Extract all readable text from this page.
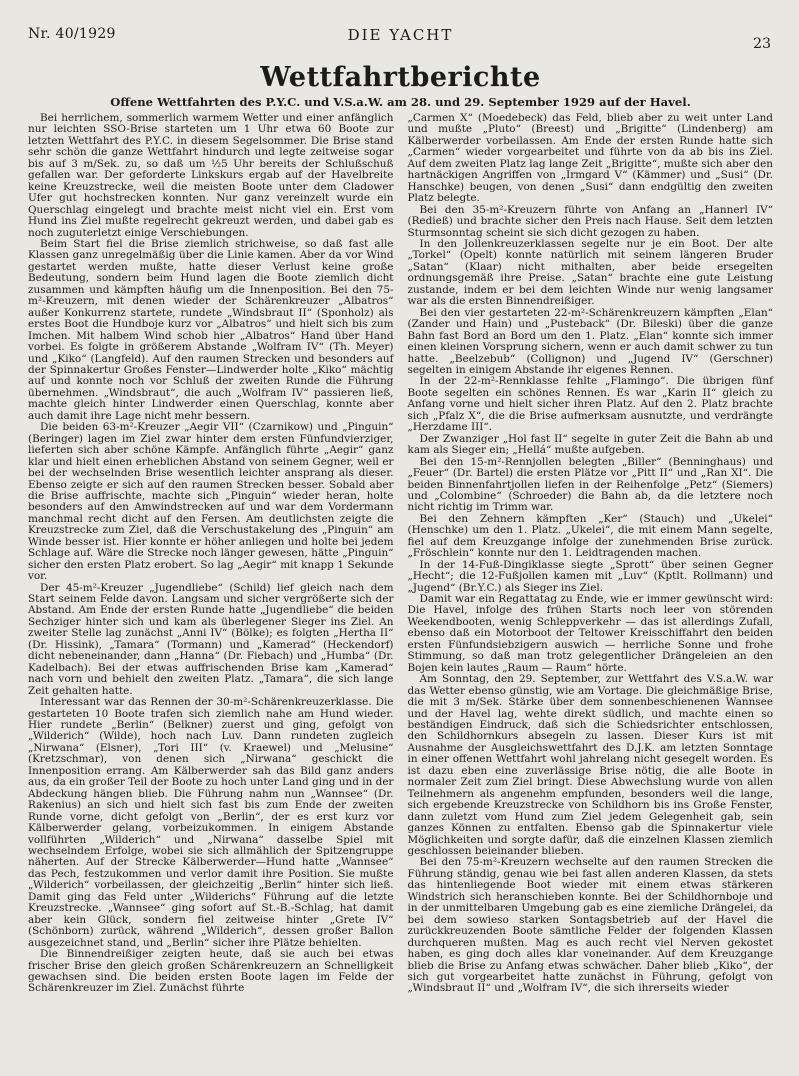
Nr. 40/1929	DIE YACHT	23
Wettfahrtberichte
Offene Wettfahrten des P.Y.C. und V.S.a.W. am 28. und 29. September 1929 auf der Havel.

Bei herrlichem, sommerlich warmem Wetter und einer anfänglich nur leichten SSO-Brise starteten um 1 Uhr etwa 60 Boote zur letzten Wettfahrt des P.Y.C. in diesem Segelsommer. Die Brise stand sehr schön die ganze Wettfahrt hindurch und legte zeitweise sogar bis auf 3 m/Sek. zu, so daß um ½5 Uhr bereits der Schlußschuß gefallen war. Der geforderte Linkskurs ergab auf der Havelbreite keine Kreuzstrecke, weil die meisten Boote unter dem Cladower Ufer gut hochstrecken konnten. Nur ganz vereinzelt wurde ein Querschlag eingelegt und brachte meist nicht viel ein. Erst vom Hund ins Ziel mußte regelrecht gekreuzt werden, und dabei gab es noch zuguterletzt einige Verschiebungen.

Beim Start fiel die Brise ziemlich strichweise, so daß fast alle Klassen ganz unregelmäßig über die Linie kamen. Aber da vor Wind gestartet werden mußte, hatte dieser Verlust keine große Bedeutung, sondern beim Hund lagen die Boote ziemlich dicht zusammen und kämpften häufig um die Innenposition. Bei den 75-m²-Kreuzern, mit denen wieder der Schärenkreuzer „Albatros“ außer Konkurrenz startete, rundete „Windsbraut II“ (Sponholz) als erstes Boot die Hundboje kurz vor „Albatros“ und hielt sich bis zum Imchen. Mit halbem Wind schob hier „Albatros“ Hand über Hand vorbei. Es folgte in größerem Abstande „Wolfram IV“ (Th. Meyer) und „Kiko“ (Langfeld). Auf den raumen Strecken und besonders auf der Spinnakertur Großes Fenster—Lindwerder holte „Kiko“ mächtig auf und konnte noch vor Schluß der zweiten Runde die Führung übernehmen. „Windsbraut“, die auch „Wolfram IV“ passieren ließ, machte gleich hinter Lindwerder einen Querschlag, konnte aber auch damit ihre Lage nicht mehr bessern.

Die beiden 63-m²-Kreuzer „Aegir VII“ (Czarnikow) und „Pinguin“ (Beringer) lagen im Ziel zwar hinter dem ersten Fünfundvierziger, lieferten sich aber schöne Kämpfe. Anfänglich führte „Aegir“ ganz klar und hielt einen erheblichen Abstand von seinem Gegner, weil er bei der wechselnden Brise wesentlich leichter ansprang als dieser. Ebenso zeigte er sich auf den raumen Strecken besser. Sobald aber die Brise auffrischte, machte sich „Pinguin“ wieder heran, holte besonders auf den Amwindstrecken auf und war dem Vordermann manchmal recht dicht auf den Fersen. Am deutlichsten zeigte die Kreuzstrecke zum Ziel, daß die Verschustakelung des „Pinguin“ am Winde besser ist. Hier konnte er höher anliegen und holte bei jedem Schlage auf. Wäre die Strecke noch länger gewesen, hätte „Pinguin“ sicher den ersten Platz erobert. So lag „Aegir“ mit knapp 1 Sekunde vor.

Der 45-m²-Kreuzer „Jugendliebe“ (Schild) lief gleich nach dem Start seinem Felde davon. Langsam und sicher vergrößerte sich der Abstand. Am Ende der ersten Runde hatte „Jugendliebe“ die beiden Sechziger hinter sich und kam als überlegener Sieger ins Ziel. An zweiter Stelle lag zunächst „Anni IV“ (Bölke); es folgten „Hertha II“ (Dr. Hissink), „Tamara“ (Tormann) und „Kamerad“ (Heckendorf) dicht nebeneinander, dann „Hanna“ (Dr. Fiebach) und „Humba“ (Dr. Kadelbach). Bei der etwas auffrischenden Brise kam „Kamerad“ nach vorn und behielt den zweiten Platz. „Tamara“, die sich lange Zeit gehalten hatte.

Interessant war das Rennen der 30-m²-Schärenkreuzerklasse. Die gestarteten 10 Boote trafen sich ziemlich nahe am Hund wieder. Hier rundete „Berlin“ (Belkner) zuerst und ging, gefolgt von „Wilderich“ (Wilde), hoch nach Luv. Dann rundeten zugleich „Nirwana“ (Elsner), „Tori III“ (v. Kraewel) und „Melusine“ (Kretzschmar), von denen sich „Nirwana“ geschickt die Innenposition errang. Am Kälberwerder sah das Bild ganz anders aus, da ein großer Teil der Boote zu hoch unter Land ging und in der Abdeckung hängen blieb. Die Führung nahm nun „Wannsee“ (Dr. Rakenius) an sich und hielt sich fast bis zum Ende der zweiten Runde vorne, dicht gefolgt von „Berlin“, der es erst kurz vor Kälberwerder gelang, vorbeizukommen. In einigem Abstande vollführten „Wilderich“ und „Nirwana“ dasselbe Spiel mit wechselndem Erfolge, wobei sie sich allmählich der Spitzengruppe näherten. Auf der Strecke Kälberwerder—Hund hatte „Wannsee“ das Pech, festzukommen und verlor damit ihre Position. Sie mußte „Wilderich“ vorbeilassen, der gleichzeitig „Berlin“ hinter sich ließ. Damit ging das Feld unter „Wilderichs“ Führung auf die letzte Kreuzstrecke. „Wannsee“ ging sofort auf St.-B.-Schlag, hat damit aber kein Glück, sondern fiel zeitweise hinter „Grete IV“ (Schönborn) zurück, während „Wilderich“, dessen großer Ballon ausgezeichnet stand, und „Berlin“ sicher ihre Plätze behielten.

Die Binnendreißiger zeigten heute, daß sie auch bei etwas frischer Brise den gleich großen Schärenkreuzern an Schnelligkeit gewachsen sind. Die beiden ersten Boote lagen im Felde der Schärenkreuzer im Ziel. Zunächst führte

„Carmen X“ (Moedebeck) das Feld, blieb aber zu weit unter Land und mußte „Pluto“ (Breest) und „Brigitte“ (Lindenberg) am Kälberwerder vorbeilassen. Am Ende der ersten Runde hatte sich „Carmen“ wieder vorgearbeitet und führte von da ab bis ins Ziel. Auf dem zweiten Platz lag lange Zeit „Brigitte“, mußte sich aber den hartnäckigen Angriffen von „Irmgard V“ (Kämmer) und „Susi“ (Dr. Hanschke) beugen, von denen „Susi“ dann endgültig den zweiten Platz belegte.

Bei den 35-m²-Kreuzern führte von Anfang an „Hannerl IV“ (Redieß) und brachte sicher den Preis nach Hause. Seit dem letzten Sturmsonntag scheint sie sich dicht gezogen zu haben.

In den Jollenkreuzerklassen segelte nur je ein Boot. Der alte „Torkel“ (Opelt) konnte natürlich mit seinem längeren Bruder „Satan“ (Klaar) nicht mithalten, aber beide ersegelten ordnungsgemäß ihre Preise. „Satan“ brachte eine gute Leistung zustande, indem er bei dem leichten Winde nur wenig langsamer war als die ersten Binnendreißiger.

Bei den vier gestarteten 22-m²-Schärenkreuzern kämpften „Elan“ (Zander und Hain) und „Pusteback“ (Dr. Bileski) über die ganze Bahn fast Bord an Bord um den 1. Platz. „Elan“ konnte sich immer einen kleinen Vorsprung sichern, wenn er auch damit schwer zu tun hatte. „Beelzebub“ (Collignon) und „Jugend IV“ (Gerschner) segelten in einigem Abstande ihr eigenes Rennen.

In der 22-m²-Rennklasse fehlte „Flamingo“. Die übrigen fünf Boote segelten ein schönes Rennen. Es war „Karin II“ gleich zu Anfang vorne und hielt sicher ihren Platz. Auf den 2. Platz brachte sich „Pfalz X“, die die Brise aufmerksam ausnutzte, und verdrängte „Herzdame III“.

Der Zwanziger „Hol fast II“ segelte in guter Zeit die Bahn ab und kam als Sieger ein; „Hellá“ mußte aufgeben.

Bei den 15-m²-Rennjollen belegten „Biller“ (Benninghaus) und „Feuer“ (Dr. Bartel) die ersten Plätze vor „Pitt II“ und „Ran XI“. Die beiden Binnenfahrtjollen liefen in der Reihenfolge „Petz“ (Siemers) und „Colombine“ (Schroeder) die Bahn ab, da die letztere noch nicht richtig im Trimm war.

Bei den Zehnern kämpften „Ker“ (Stauch) und „Ukelei“ (Henschke) um den 1. Platz. „Ukelei“, die mit einem Mann segelte, fiel auf dem Kreuzgange infolge der zunehmenden Brise zurück. „Fröschlein“ konnte nur den 1. Leidtragenden machen.

In der 14-Fuß-Dingiklasse siegte „Sprott“ über seinen Gegner „Hecht“; die 12-Fußjollen kamen mit „Luv“ (Kptlt. Rollmann) und „Jugend“ (Br.Y.C.) als Sieger ins Ziel.

Damit war ein Regattatag zu Ende, wie er immer gewünscht wird: Die Havel, infolge des frühen Starts noch leer von störenden Weekendbooten, wenig Schleppverkehr — das ist allerdings Zufall, ebenso daß ein Motorboot der Teltower Kreisschiffahrt den beiden ersten Fünfundsiebzigern auswich — herrliche Sonne und frohe Stimmung, so daß man trotz gelegentlicher Drängeleien an den Bojen kein lautes „Raum — Raum“ hörte.

Am Sonntag, den 29. September, zur Wettfahrt des V.S.a.W. war das Wetter ebenso günstig, wie am Vortage. Die gleichmäßige Brise, die mit 3 m/Sek. Stärke über dem sonnenbeschienenen Wannsee und der Havel lag, wehte direkt südlich, und machte einen so beständigen Eindruck, daß sich die Schiedsrichter entschlossen, den Schildhornkurs absegeln zu lassen. Dieser Kurs ist mit Ausnahme der Ausgleichswettfahrt des D.J.K. am letzten Sonntage in einer offenen Wettfahrt wohl jahrelang nicht gesegelt worden. Es ist dazu eben eine zuverlässige Brise nötig, die alle Boote in normaler Zeit zum Ziel bringt. Diese Abwechslung wurde von allen Teilnehmern als angenehm empfunden, besonders weil die lange, sich ergebende Kreuzstrecke von Schildhorn bis ins Große Fenster, dann zuletzt vom Hund zum Ziel jedem Gelegenheit gab, sein ganzes Können zu entfalten. Ebenso gab die Spinnakertur viele Möglichkeiten und sorgte dafür, daß die einzelnen Klassen ziemlich geschlossen beieinander blieben.

Bei den 75-m²-Kreuzern wechselte auf den raumen Strecken die Führung ständig, genau wie bei fast allen anderen Klassen, da stets das hintenliegende Boot wieder mit einem etwas stärkeren Windstrich sich heranschieben konnte. Bei der Schildhornboje und in der unmittelbaren Umgebung gab es eine ziemliche Drängelei, da bei dem sowieso starken Sontagsbetrieb auf der Havel die zurückkreuzenden Boote sämtliche Felder der folgenden Klassen durchqueren mußten. Mag es auch recht viel Nerven gekostet haben, es ging doch alles klar voneinander. Auf dem Kreuzgange blieb die Brise zu Anfang etwas schwächer. Daher blieb „Kiko“, der sich gut vorgearbeitet hatte zunächst in Führung, gefolgt von „Windsbraut II“ und „Wolfram IV“, die sich ihrerseits wieder
